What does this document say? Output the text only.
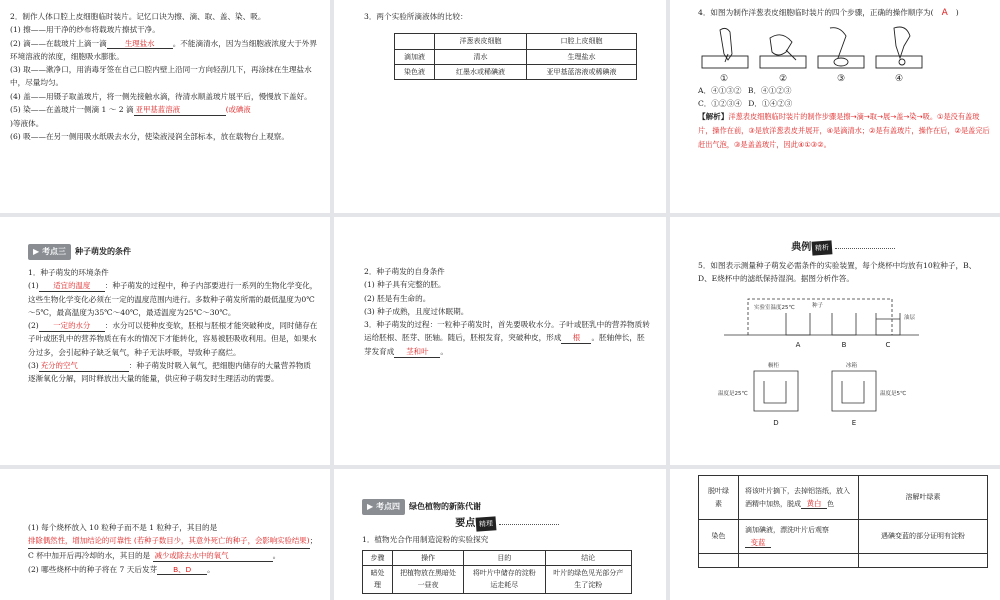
2．制作人体口腔上皮细胞临时装片。记忆口诀为擦、滴、取、盖、染、吸。

(1) 擦——用干净的纱布将载玻片擦拭干净。

(2) 滴——在载玻片上滴一滴 生理盐水 。不能滴清水，因为当细胞液浓度大于外界环境溶液的浓度，细胞吸水膨胀。

(3) 取——漱净口，用消毒牙签在自己口腔内壁上沿同一方向轻刮几下，再涂抹在生理盐水中，尽量均匀。

(4) 盖——用镊子取盖玻片，将一侧先接触水滴，待清水顺盖玻片展平后，慢慢放下盖好。

(5) 染——在盖玻片一侧滴 1 ～ 2 滴 亚甲基蓝溶液	(或碘液
)等液体。

(6) 吸——在另一侧用吸水纸吸去水分，使染液浸润全部标本，放在载物台上观察。

3．两个实验所滴液体的比较：

	洋葱表皮细胞	口腔上皮细胞
滴加液	清水	生理盐水
染色液	红墨水或稀碘液	亚甲基蓝溶液或稀碘液

4．如图为制作洋葱表皮细胞临时装片的四个步骤，正确的操作顺序为( A )

①	②	③	④

A．④①③② B．④①②③

C．①②③④ D．①④②③

【解析】洋葱表皮细胞临时装片的制作步骤是擦→滴→取→展→盖→染→吸。①是没有盖玻片，操作在前，③是放洋葱表皮并展开，④是滴清水；②是有盖玻片，操作在后，②是盖完后赶出气泡，③是盖盖玻片，因此④①③②。

▶ 考点三	种子萌发的条件

1．种子萌发的环境条件

(1) 适宜的温度 ：种子萌发的过程中，种子内部要进行一系列的生物化学变化，这些生物化学变化必须在一定的温度范围内进行。多数种子萌发所需的最低温度为0℃～5℃，最高温度为35℃～40℃，最适温度为25℃～30℃。

(2) 一定的水分 ：水分可以使种皮变软，胚根与胚根才能突破种皮，同时储存在子叶或胚乳中的营养物质在有水的情况下才能转化，容易被胚吸收利用。但是，如果水分过多，会引起种子缺乏氧气，种子无法呼吸，导致种子腐烂。

(3) 充分的空气	：种子萌发时吸入氧气，把细胞内储存的大量营养物质逐渐氧化分解，同时释放出大量的能量，供应种子萌发时生理活动的需要。

2．种子萌发的自身条件

(1) 种子具有完整的胚。

(2) 胚是有生命的。

(3) 种子成熟，且度过休眠期。

3．种子萌发的过程：一粒种子萌发时，首先要吸收水分。子叶或胚乳中的营养物质转运给胚根、胚芽、胚轴。随后，胚根发育，突破种皮，形成 根 。胚轴伸长，胚芽发育成 茎和叶 。

典例 精析

5．如图表示测量种子萌发必需条件的实验装置，每个烧杯中均放有10粒种子，B、D、E烧杯中的滤纸保持湿润。据图分析作答。

实验室温度25℃	种子
油层
橱柜	冰箱
温度是25℃	温度是5℃
A	B	C
D	E

(1) 每个烧杯放入 10 粒种子而不是 1 粒种子，其目的是
排除偶然性，增加结论的可靠性 (若种子数目少，其意外死亡的种子，会影响实验结果)；C 杯中加开后再冷却的水，其目的是 减少或除去水中的氧气	。

(2) 哪些烧杯中的种子将在 7 天后发芽 B、D 。

▶ 考点四	绿色植物的新陈代谢

要点 精理

1．植物光合作用制造淀粉的实验探究

步骤	操作	目的	结论
暗处理	把植物放在黑暗处一昼夜	将叶片中储存的淀粉运走耗尽	叶片的绿色见光部分产生了淀粉
脱叶绿素	将该叶片摘下，去掉铝箔纸，放入酒精中加热，脱成 黄白 色	溶解叶绿素
染色	滴加碘液，漂洗叶片后观察变蓝	遇碘变蓝的部分证明有淀粉
